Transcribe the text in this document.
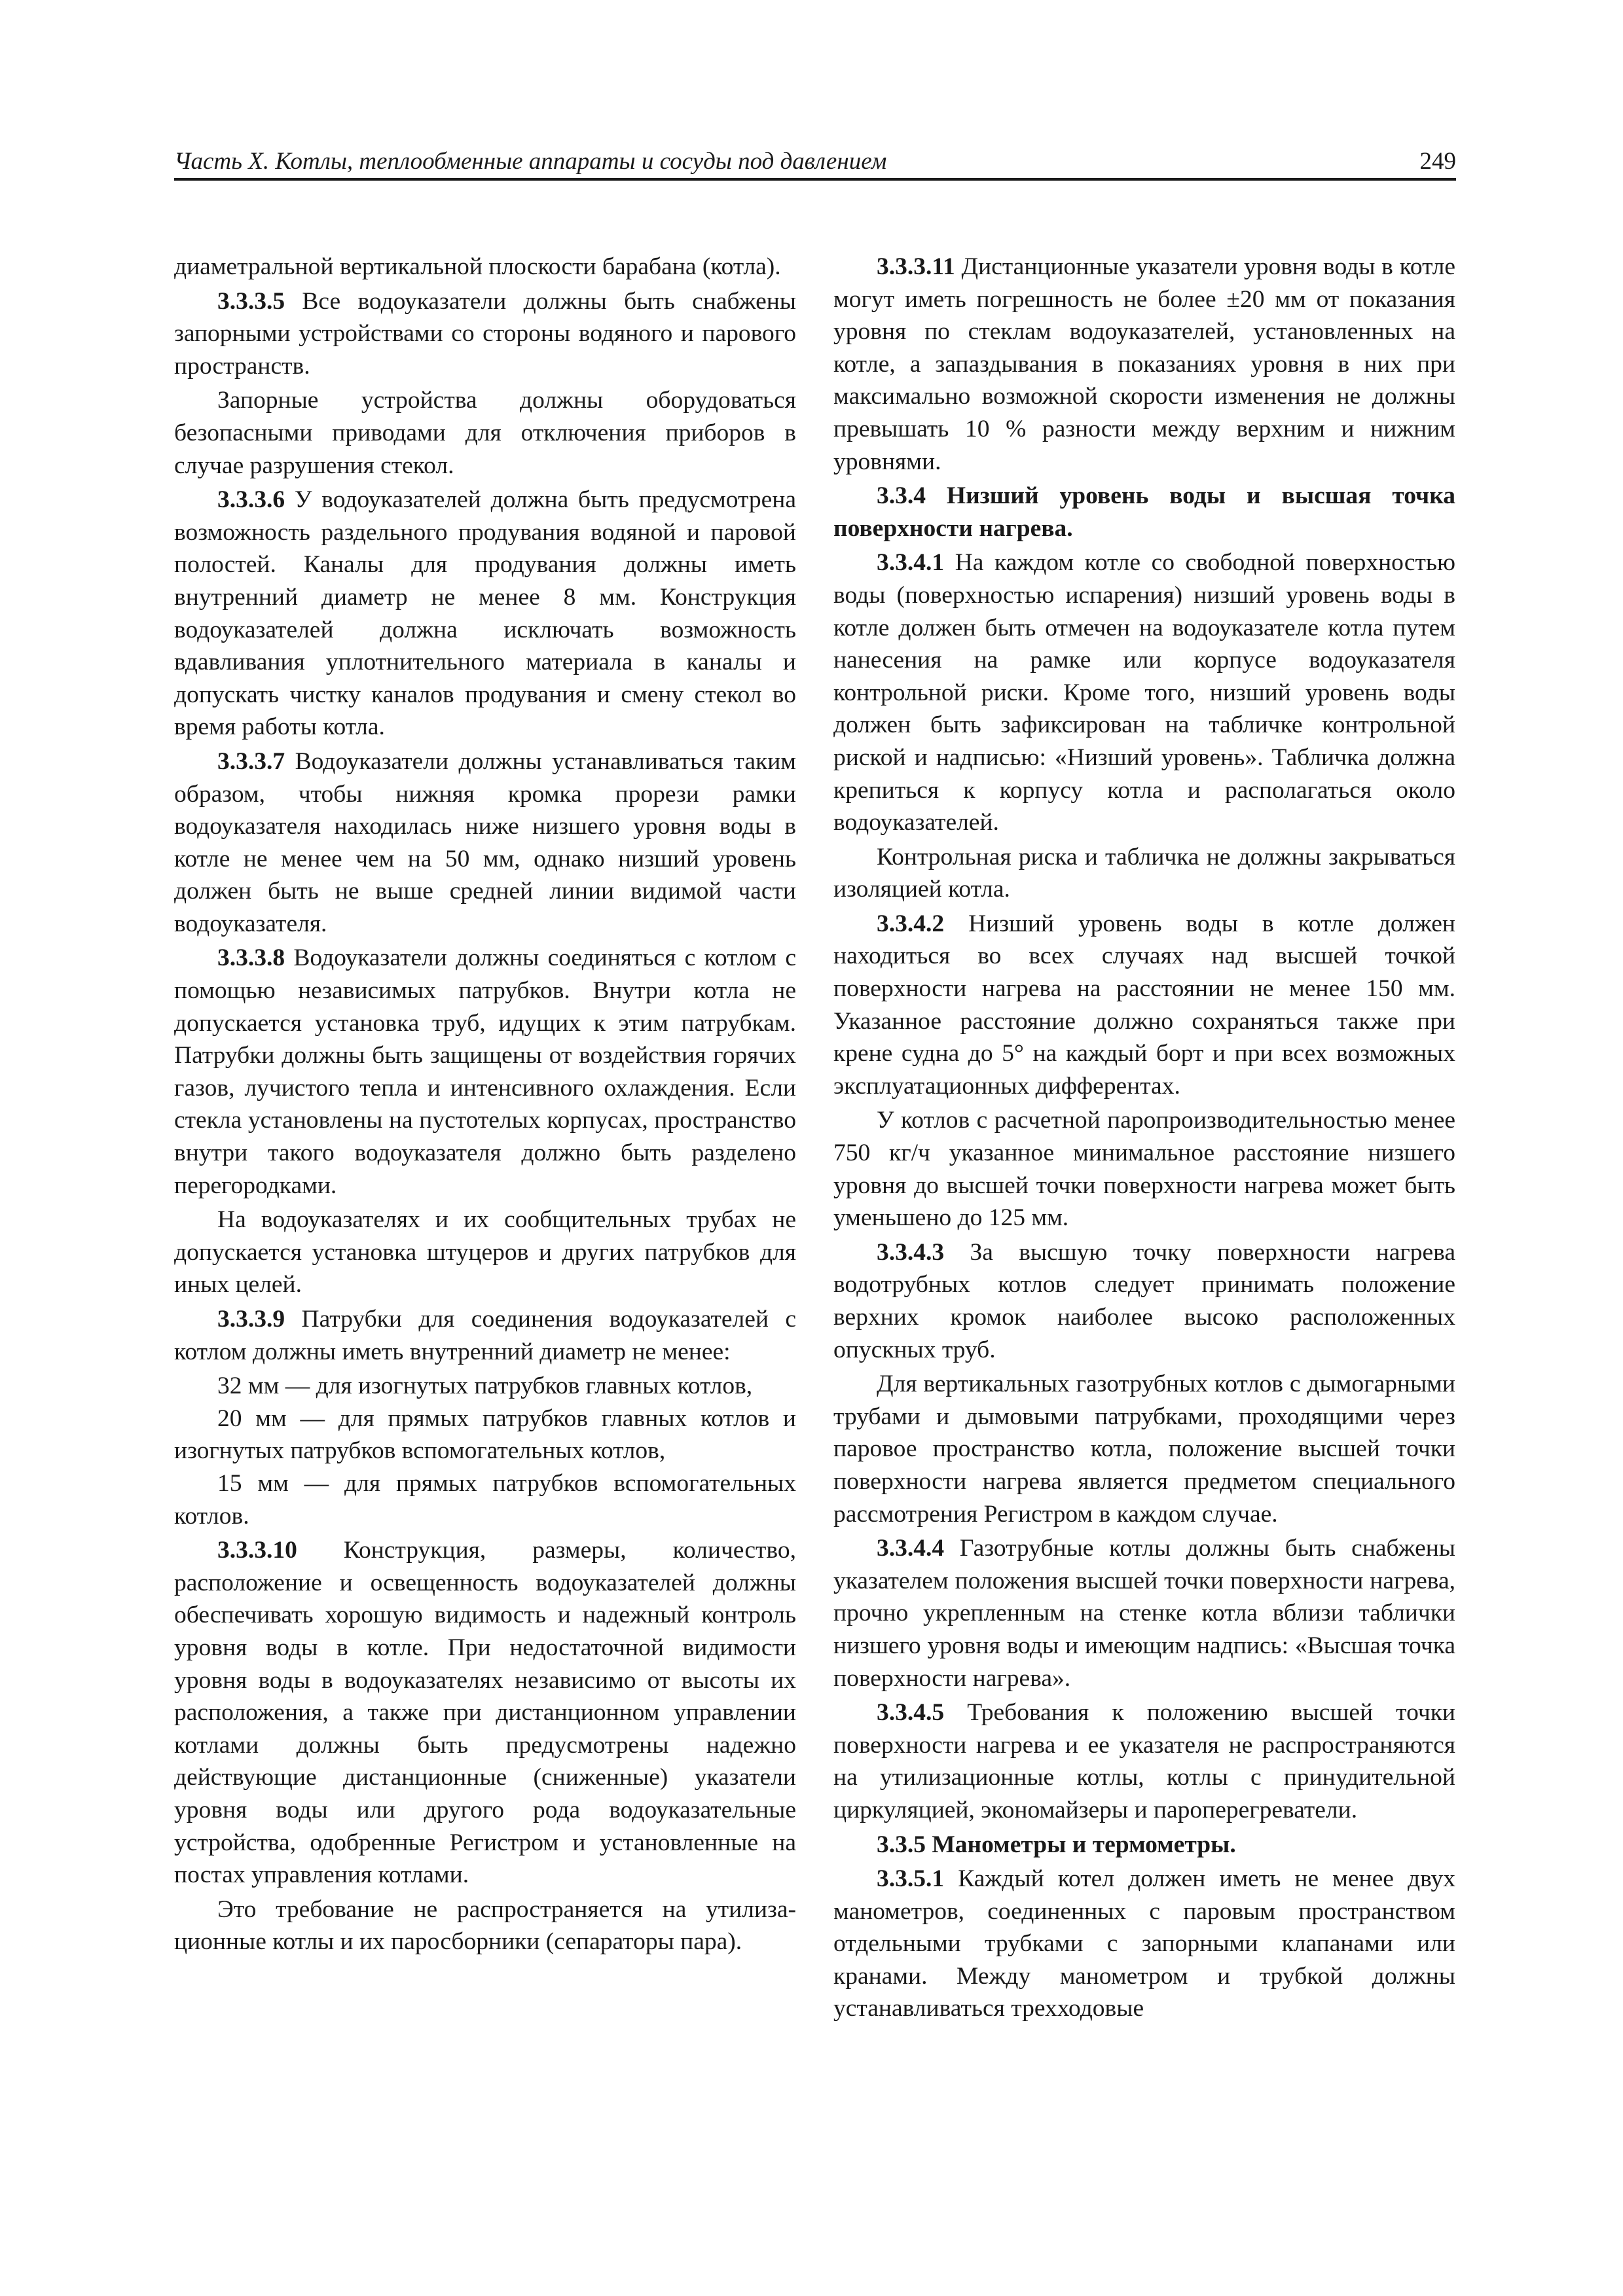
Часть X. Котлы, теплообменные аппараты и сосуды под давлением	249

диаметральной вертикальной плоскости барабана (котла).

3.3.3.5 Все водоуказатели должны быть снабжены запорными устройствами со стороны водяного и парового пространств.

Запорные устройства должны оборудоваться безопасными приводами для отключения приборов в случае разрушения стекол.

3.3.3.6 У водоуказателей должна быть предусмотрена возможность раздельного продувания водяной и паровой полостей. Каналы для продувания должны иметь внутренний диаметр не менее 8 мм. Конструкция водоуказателей должна исключать возможность вдавливания уплотнительного материала в каналы и допускать чистку каналов продувания и смену стекол во время работы котла.

3.3.3.7 Водоуказатели должны устанавливаться таким образом, чтобы нижняя кромка прорези рамки водоуказателя находилась ниже низшего уровня воды в котле не менее чем на 50 мм, однако низший уровень должен быть не выше средней линии видимой части водоуказателя.

3.3.3.8 Водоуказатели должны соединяться с котлом с помощью независимых патрубков. Внутри котла не допускается установка труб, идущих к этим патрубкам. Патрубки должны быть защищены от воздействия горячих газов, лучистого тепла и интенсивного охлаждения. Если стекла установлены на пустотелых корпусах, пространство внутри такого водоуказателя должно быть разделено перегородками.

На водоуказателях и их сообщительных трубах не допускается установка штуцеров и других патрубков для иных целей.

3.3.3.9 Патрубки для соединения водоуказателей с котлом должны иметь внутренний диаметр не менее:

32 мм — для изогнутых патрубков главных котлов,

20 мм — для прямых патрубков главных котлов и изогнутых патрубков вспомогательных котлов,

15 мм — для прямых патрубков вспомогательных котлов.

3.3.3.10 Конструкция, размеры, количество, расположение и освещенность водоуказателей должны обеспечивать хорошую видимость и надежный контроль уровня воды в котле. При недостаточной видимости уровня воды в водоуказателях независимо от высоты их расположения, а также при дистанционном управлении котлами должны быть предусмотрены надежно действующие дистанционные (сниженные) указатели уровня воды или другого рода водоуказательные устройства, одобренные Регистром и установленные на постах управления котлами.

Это требование не распространяется на утилизационные котлы и их паросборники (сепараторы пара).

3.3.3.11 Дистанционные указатели уровня воды в котле могут иметь погрешность не более ±20 мм от показания уровня по стеклам водоуказателей, установленных на котле, а запаздывания в показаниях уровня в них при максимально возможной скорости изменения не должны превышать 10 % разности между верхним и нижним уровнями.

3.3.4 Низший уровень воды и высшая точка поверхности нагрева.

3.3.4.1 На каждом котле со свободной поверхностью воды (поверхностью испарения) низший уровень воды в котле должен быть отмечен на водоуказателе котла путем нанесения на рамке или корпусе водоуказателя контрольной риски. Кроме того, низший уровень воды должен быть зафиксирован на табличке контрольной риской и надписью: «Низший уровень». Табличка должна крепиться к корпусу котла и располагаться около водоуказателей.

Контрольная риска и табличка не должны закрываться изоляцией котла.

3.3.4.2 Низший уровень воды в котле должен находиться во всех случаях над высшей точкой поверхности нагрева на расстоянии не менее 150 мм. Указанное расстояние должно сохраняться также при крене судна до 5° на каждый борт и при всех возможных эксплуатационных дифферентах.

У котлов с расчетной паропроизводительностью менее 750 кг/ч указанное минимальное расстояние низшего уровня до высшей точки поверхности нагрева может быть уменьшено до 125 мм.

3.3.4.3 За высшую точку поверхности нагрева водотрубных котлов следует принимать положение верхних кромок наиболее высоко расположенных опускных труб.

Для вертикальных газотрубных котлов с дымогарными трубами и дымовыми патрубками, проходящими через паровое пространство котла, положение высшей точки поверхности нагрева является предметом специального рассмотрения Регистром в каждом случае.

3.3.4.4 Газотрубные котлы должны быть снабжены указателем положения высшей точки поверхности нагрева, прочно укрепленным на стенке котла вблизи таблички низшего уровня воды и имеющим надпись: «Высшая точка поверхности нагрева».

3.3.4.5 Требования к положению высшей точки поверхности нагрева и ее указателя не распространяются на утилизационные котлы, котлы с принудительной циркуляцией, экономайзеры и пароперегреватели.

3.3.5 Манометры и термометры.

3.3.5.1 Каждый котел должен иметь не менее двух манометров, соединенных с паровым пространством отдельными трубками с запорными клапанами или кранами. Между манометром и трубкой должны устанавливаться трехходовые
